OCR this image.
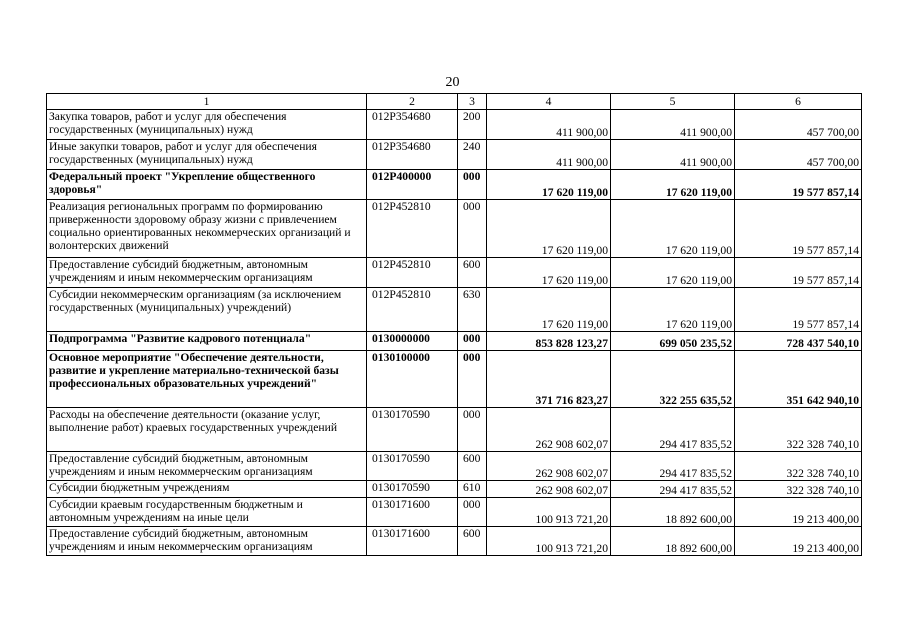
20
1	2	3	4	5	6
Закупка товаров, работ и услуг для обеспечения государственных (муниципальных) нужд	012P354680	200	411 900,00	411 900,00	457 700,00
Иные закупки товаров, работ и услуг для обеспечения государственных (муниципальных) нужд	012P354680	240	411 900,00	411 900,00	457 700,00
Федеральный проект "Укрепление общественного здоровья"	012P400000	000	17 620 119,00	17 620 119,00	19 577 857,14
Реализация региональных программ по формированию приверженности здоровому образу жизни с привлечением социально ориентированных некоммерческих организаций и волонтерских движений	012P452810	000	17 620 119,00	17 620 119,00	19 577 857,14
Предоставление субсидий бюджетным, автономным учреждениям и иным некоммерческим организациям	012P452810	600	17 620 119,00	17 620 119,00	19 577 857,14
Субсидии некоммерческим организациям (за исключением государственных (муниципальных) учреждений)	012P452810	630	17 620 119,00	17 620 119,00	19 577 857,14
Подпрограмма "Развитие кадрового потенциала"	0130000000	000	853 828 123,27	699 050 235,52	728 437 540,10
Основное мероприятие "Обеспечение деятельности, развитие и укрепление материально-технической базы профессиональных образовательных учреждений"	0130100000	000	371 716 823,27	322 255 635,52	351 642 940,10
Расходы на обеспечение деятельности (оказание услуг, выполнение работ) краевых государственных учреждений	0130170590	000	262 908 602,07	294 417 835,52	322 328 740,10
Предоставление субсидий бюджетным, автономным учреждениям и иным некоммерческим организациям	0130170590	600	262 908 602,07	294 417 835,52	322 328 740,10
Субсидии бюджетным учреждениям	0130170590	610	262 908 602,07	294 417 835,52	322 328 740,10
Субсидии краевым государственным бюджетным и автономным учреждениям на иные цели	0130171600	000	100 913 721,20	18 892 600,00	19 213 400,00
Предоставление субсидий бюджетным, автономным учреждениям и иным некоммерческим организациям	0130171600	600	100 913 721,20	18 892 600,00	19 213 400,00
